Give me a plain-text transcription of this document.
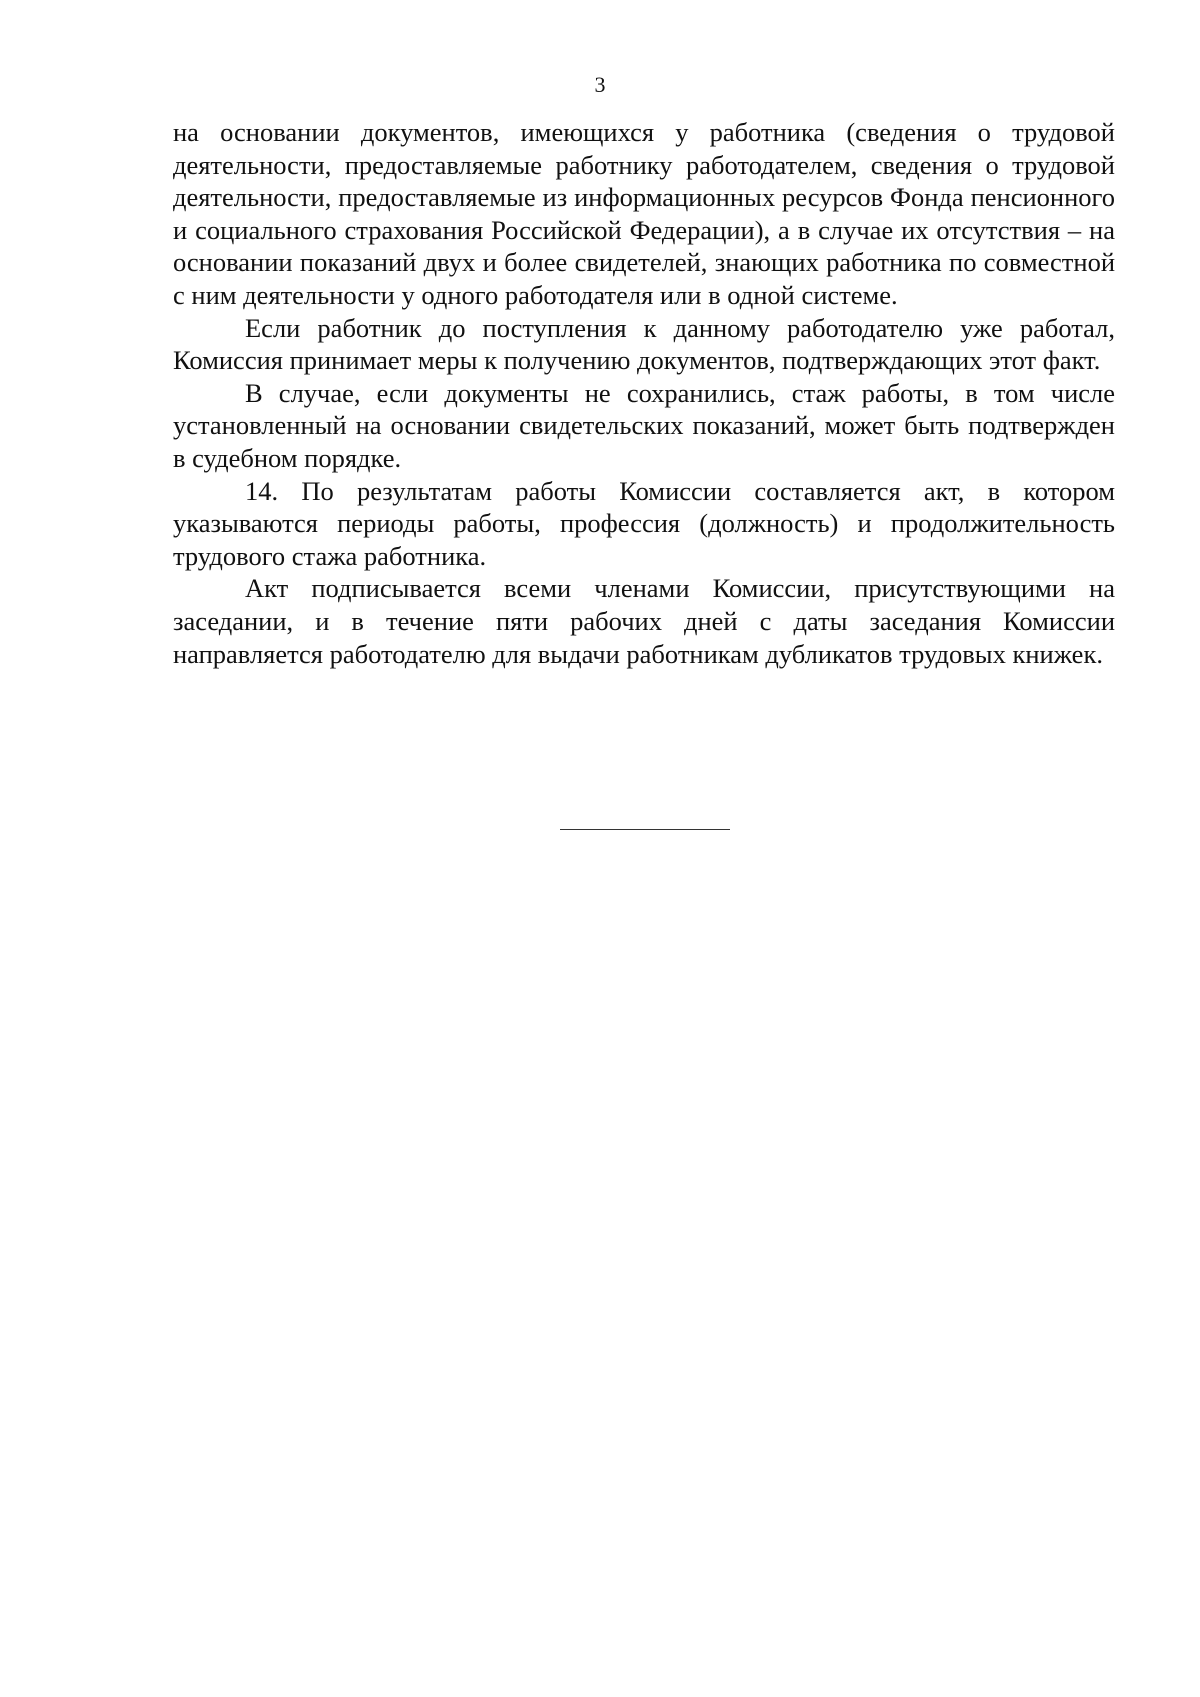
3

на основании документов, имеющихся у работника (сведения о трудовой деятельности, предоставляемые работнику работодателем, сведения о трудовой деятельности, предоставляемые из информационных ресурсов Фонда пенсионного и социального страхования Российской Федерации), а в случае их отсутствия – на основании показаний двух и более свидетелей, знающих работника по совместной с ним деятельности у одного работодателя или в одной системе.

Если работник до поступления к данному работодателю уже работал, Комиссия принимает меры к получению документов, подтверждающих этот факт.

В случае, если документы не сохранились, стаж работы, в том числе установленный на основании свидетельских показаний, может быть подтвержден в судебном порядке.

14. По результатам работы Комиссии составляется акт, в котором указываются периоды работы, профессия (должность) и продолжительность трудового стажа работника.

Акт подписывается всеми членами Комиссии, присутствующими на заседании, и в течение пяти рабочих дней с даты заседания Комиссии направляется работодателю для выдачи работникам дубликатов трудовых книжек.
